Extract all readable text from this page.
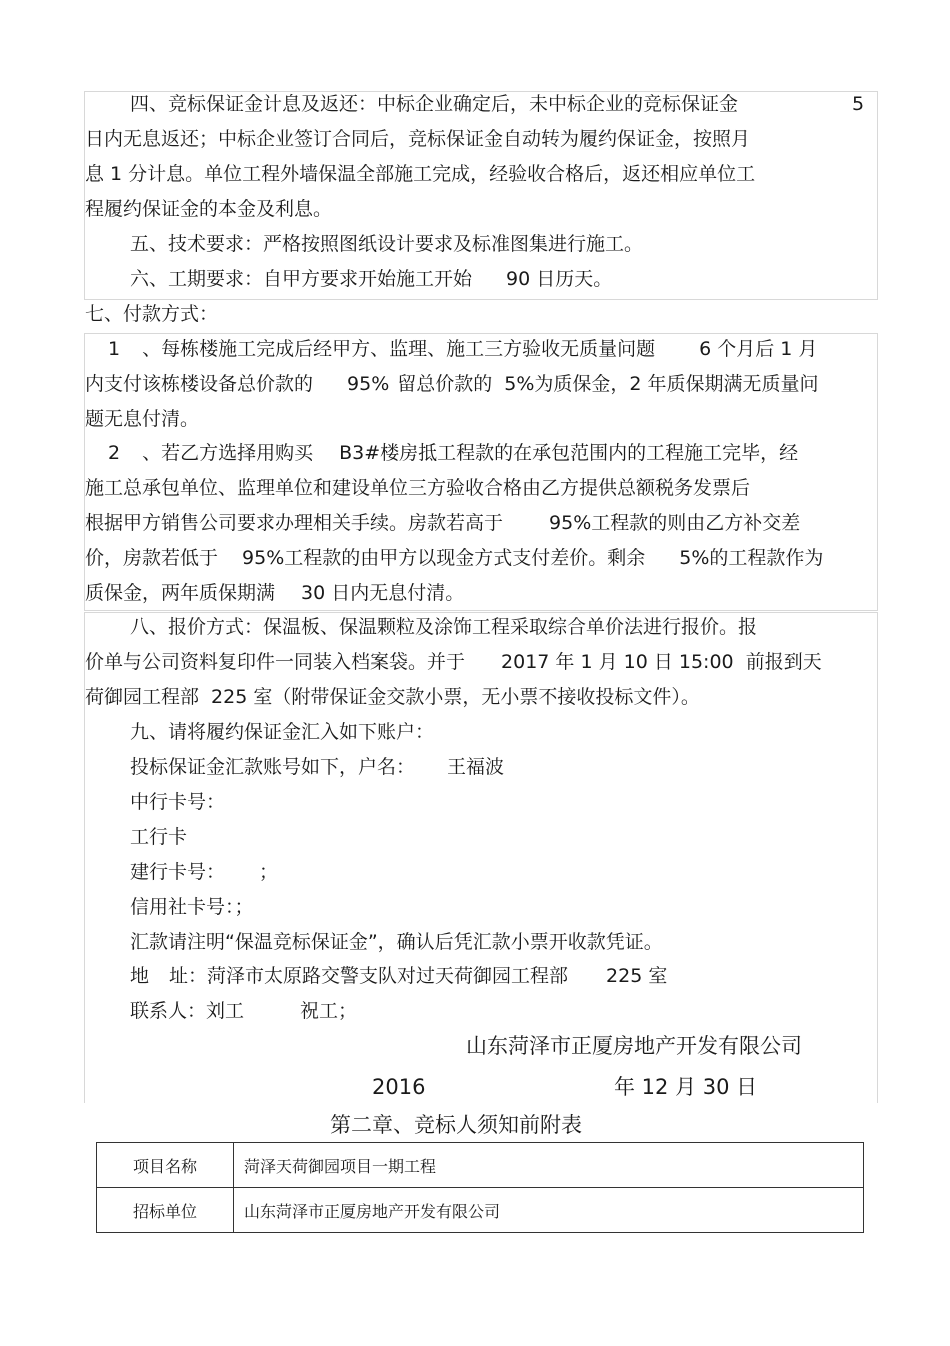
四、竞标保证金计息及返还：中标企业确定后，未中标企业的竞标保证金	5
日内无息返还；中标企业签订合同后，竞标保证金自动转为履约保证金，按照月
息 1 分计息。单位工程外墙保温全部施工完成，经验收合格后，返还相应单位工
程履约保证金的本金及利息。
五、技术要求：严格按照图纸设计要求及标准图集进行施工。
六、工期要求：自甲方要求开始施工开始 90 日历天。
七、付款方式：
1 、每栋楼施工完成后经甲方、监理、施工三方验收无质量问题 6 个月后 1 月
内支付该栋楼设备总价款的 95% 留总价款的 5%为质保金，2 年质保期满无质量问
题无息付清。
2 、若乙方选择用购买 B3#楼房抵工程款的在承包范围内的工程施工完毕，经
施工总承包单位、监理单位和建设单位三方验收合格由乙方提供总额税务发票后
根据甲方销售公司要求办理相关手续。房款若高于 95%工程款的则由乙方补交差
价，房款若低于 95%工程款的由甲方以现金方式支付差价。剩余 5%的工程款作为
质保金，两年质保期满 30 日内无息付清。
八、报价方式：保温板、保温颗粒及涂饰工程采取综合单价法进行报价。报
价单与公司资料复印件一同装入档案袋。并于 2017 年 1 月 10 日 15:00  前报到天
荷御园工程部 225 室（附带保证金交款小票，无小票不接收投标文件）。
九、请将履约保证金汇入如下账户：
投标保证金汇款账号如下，户名： 王福波
中行卡号：
工行卡
建行卡号： ；
信用社卡号：；
汇款请注明“保温竞标保证金”，确认后凭汇款小票开收款凭证。
地 址：菏泽市太原路交警支队对过天荷御园工程部 225 室
联系人：刘工	祝工；
山东菏泽市正厦房地产开发有限公司
2016	年 12 月 30 日
第二章、竞标人须知前附表
项目名称	菏泽天荷御园项目一期工程
招标单位	山东菏泽市正厦房地产开发有限公司
